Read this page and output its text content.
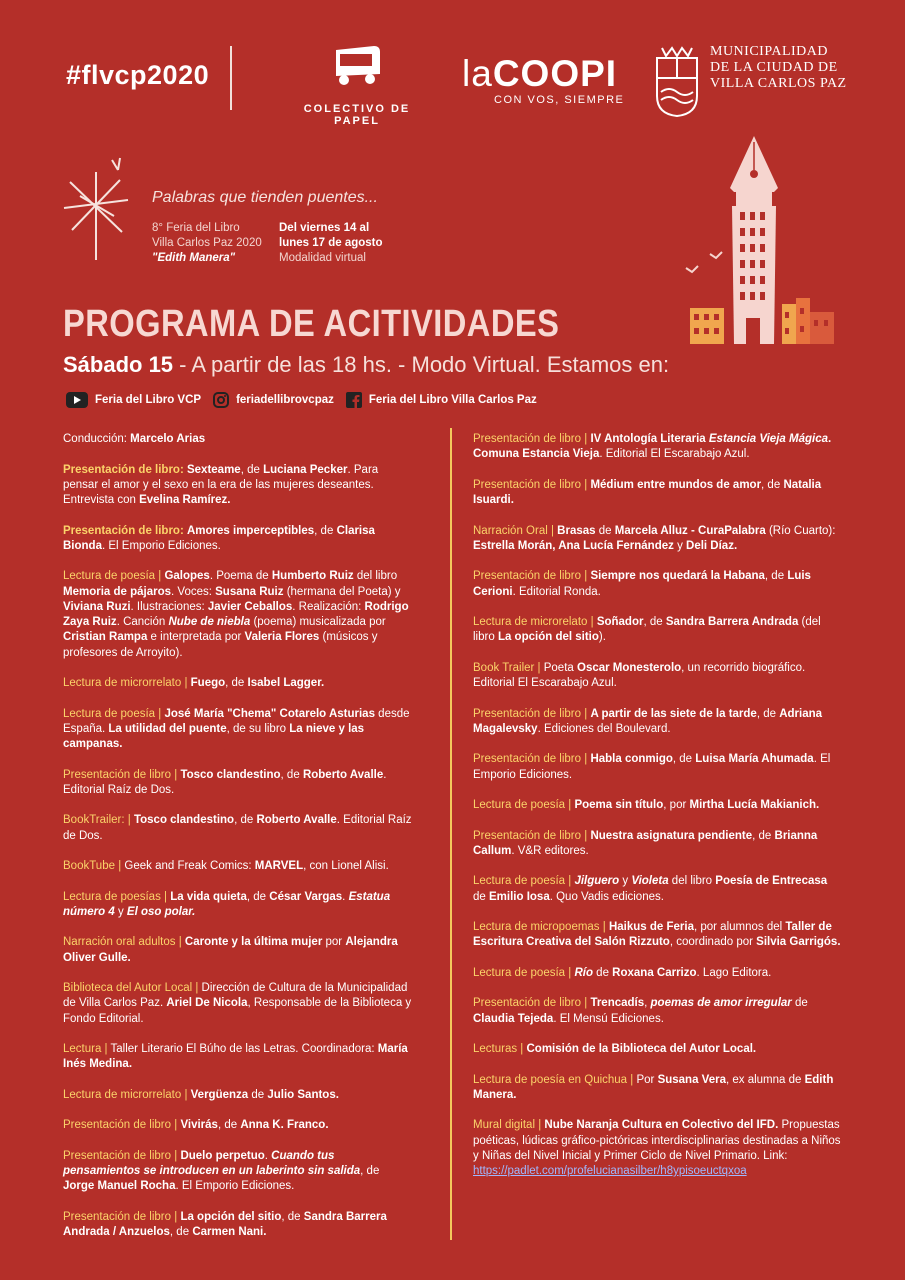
#flvcp2020
COLECTIVO DE PAPEL
laCOOPI
CON VOS, SIEMPRE
MUNICIPALIDAD
DE LA CIUDAD DE
VILLA CARLOS PAZ
Palabras que tienden puentes...
8° Feria del Libro
Villa Carlos Paz 2020
"Edith Manera"
Del viernes 14 al
lunes 17 de agosto
Modalidad virtual
PROGRAMA DE ACITIVIDADES
Sábado 15 - A partir de las 18 hs. - Modo Virtual. Estamos en:
Feria del Libro VCP	feriadellibrovcpaz	Feria del Libro Villa Carlos Paz

Conducción: Marcelo Arias

Presentación de libro: Sexteame, de Luciana Pecker. Para pensar el amor y el sexo en la era de las mujeres deseantes. Entrevista con Evelina Ramírez.

Presentación de libro: Amores imperceptibles, de Clarisa Bionda. El Emporio Ediciones.

Lectura de poesía | Galopes. Poema de Humberto Ruiz del libro Memoria de pájaros. Voces: Susana Ruiz (hermana del Poeta) y Viviana Ruzi. Ilustraciones: Javier Ceballos. Realización: Rodrigo Zaya Ruiz. Canción Nube de niebla (poema) musicalizada por Cristian Rampa e interpretada por Valeria Flores (músicos y profesores de Arroyito).

Lectura de microrrelato | Fuego, de Isabel Lagger.

Lectura de poesía | José María "Chema" Cotarelo Asturias desde España. La utilidad del puente, de su libro La nieve y las campanas.

Presentación de libro | Tosco clandestino, de Roberto Avalle. Editorial Raíz de Dos.

BookTrailer: | Tosco clandestino, de Roberto Avalle. Editorial Raíz de Dos.

BookTube | Geek and Freak Comics: MARVEL, con Lionel Alisi.

Lectura de poesías | La vida quieta, de César Vargas. Estatua número 4 y El oso polar.

Narración oral adultos | Caronte y la última mujer por Alejandra Oliver Gulle.

Biblioteca del Autor Local | Dirección de Cultura de la Municipalidad de Villa Carlos Paz. Ariel De Nicola, Responsable de la Biblioteca y Fondo Editorial.

Lectura | Taller Literario El Búho de las Letras. Coordinadora: María Inés Medina.

Lectura de microrrelato | Vergüenza de Julio Santos.

Presentación de libro | Vivirás, de Anna K. Franco.

Presentación de libro | Duelo perpetuo. Cuando tus pensamientos se introducen en un laberinto sin salida, de Jorge Manuel Rocha. El Emporio Ediciones.

Presentación de libro | La opción del sitio, de Sandra Barrera Andrada / Anzuelos, de Carmen Nani.

Presentación de libro | IV Antología Literaria Estancia Vieja Mágica. Comuna Estancia Vieja. Editorial El Escarabajo Azul.

Presentación de libro | Médium entre mundos de amor, de Natalia Isuardi.

Narración Oral | Brasas de Marcela Alluz - CuraPalabra (Río Cuarto): Estrella Morán, Ana Lucía Fernández y Deli Díaz.

Presentación de libro | Siempre nos quedará la Habana, de Luis Cerioni. Editorial Ronda.

Lectura de microrelato | Soñador, de Sandra Barrera Andrada (del libro La opción del sitio).

Book Trailer | Poeta Oscar Monesterolo, un recorrido biográfico. Editorial El Escarabajo Azul.

Presentación de libro | A partir de las siete de la tarde, de Adriana Magalevsky. Ediciones del Boulevard.

Presentación de libro | Habla conmigo, de Luisa María Ahumada. El Emporio Ediciones.

Lectura de poesía | Poema sin título, por Mirtha Lucía Makianich.

Presentación de libro | Nuestra asignatura pendiente, de Brianna Callum. V&R editores.

Lectura de poesía | Jilguero y Violeta del libro Poesía de Entrecasa de Emilio Iosa. Quo Vadis ediciones.

Lectura de micropoemas | Haikus de Feria, por alumnos del Taller de Escritura Creativa del Salón Rizzuto, coordinado por Silvia Garrigós.

Lectura de poesía | Río de Roxana Carrizo. Lago Editora.

Presentación de libro | Trencadís, poemas de amor irregular de Claudia Tejeda. El Mensú Ediciones.

Lecturas | Comisión de la Biblioteca del Autor Local.

Lectura de poesía en Quichua | Por Susana Vera, ex alumna de Edith Manera.

Mural digital | Nube Naranja Cultura en Colectivo del IFD. Propuestas poéticas, lúdicas gráfico-pictóricas interdisciplinarias destinadas a Niños y Niñas del Nivel Inicial y Primer Ciclo de Nivel Primario. Link: https://padlet.com/profelucianasilber/h8ypisoeuctqxoa
